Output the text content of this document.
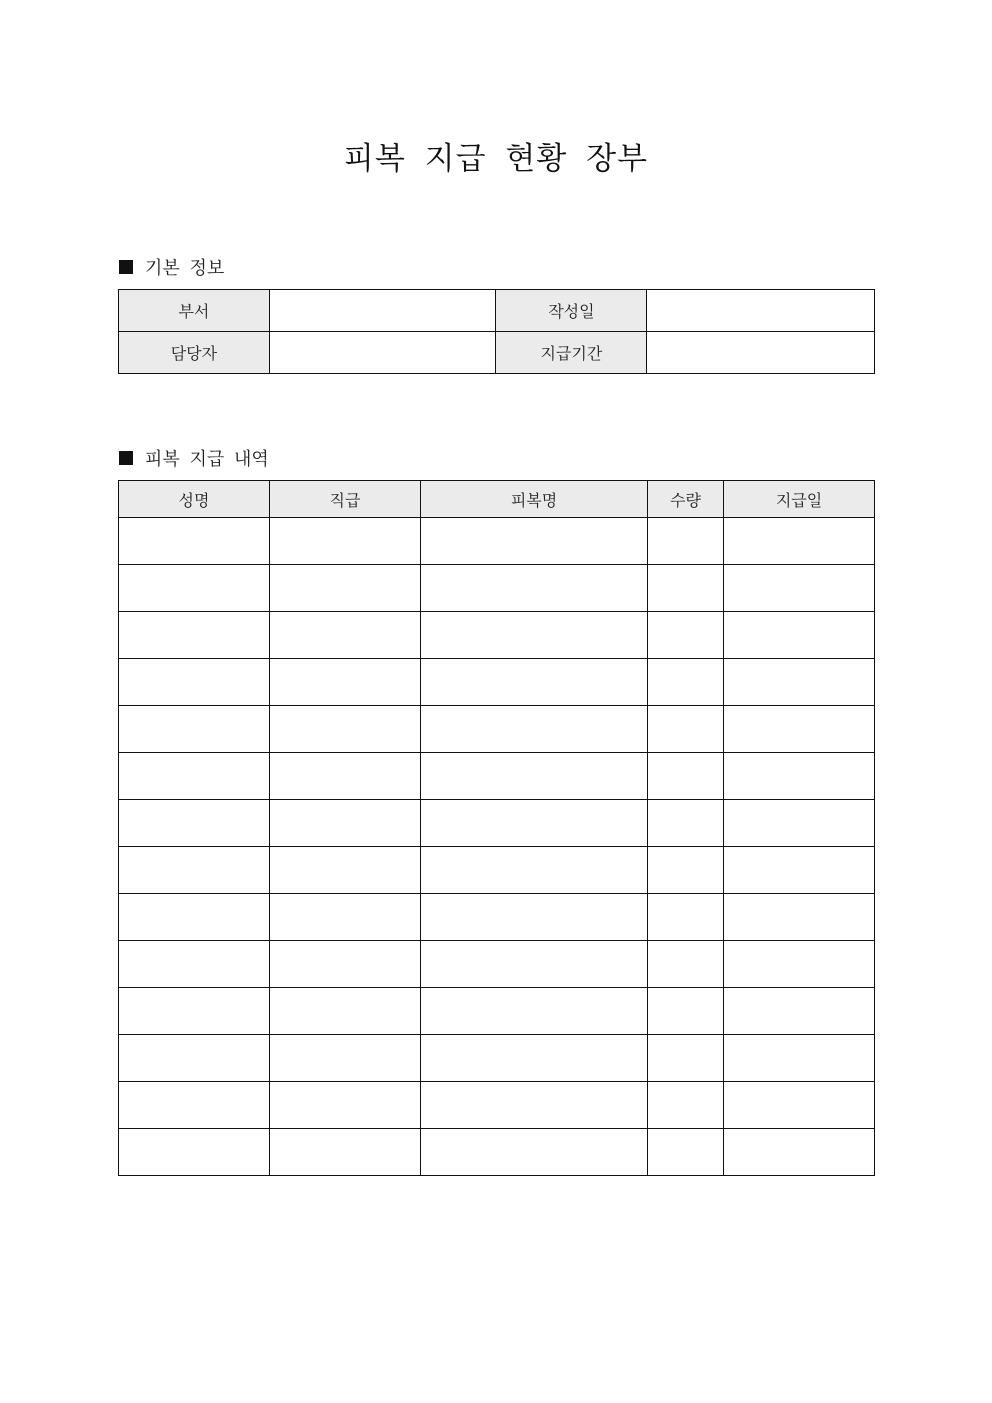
피복 지급 현황 장부
기본 정보
부서		작성일	
담당자		지급기간	
피복 지급 내역
성명	직급	피복명	수량	지급일
